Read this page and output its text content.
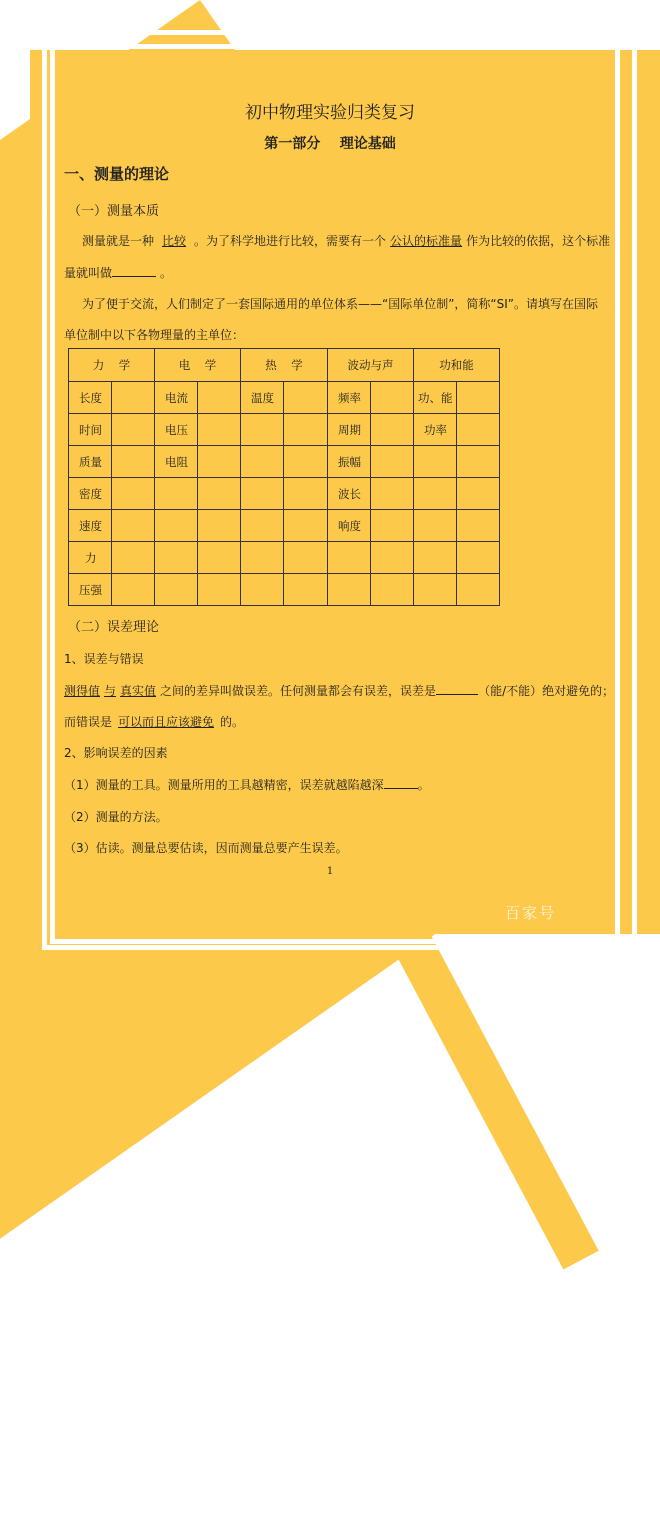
初中物理实验归类复习
第一部分    理论基础
一、测量的理论
（一）测量本质
测量就是一种 比较 。为了科学地进行比较，需要有一个 公认的标准量 作为比较的依据，这个标准
量就叫做	。
为了便于交流，人们制定了一套国际通用的单位体系——“国际单位制”，简称“SI”。请填写在国际
单位制中以下各物理量的主单位：
力    学		电    学		热    学		波动与声		功和能	
长度		电流		温度		频率		功、能	
时间		电压				周期		功率	
质量		电阻				振幅			
密度						波长			
速度						响度			
力									
压强									
（二）误差理论
1、误差与错误
测得值 与 真实值 之间的差异叫做误差。任何测量都会有误差，误差是	（能/不能）绝对避免的；
而错误是 可以而且应该避免 的。
2、影响误差的因素
（1）测量的工具。测量所用的工具越精密，误差就越陷越深	。
（2）测量的方法。
（3）估读。测量总要估读，因而测量总要产生误差。
1
百家号
